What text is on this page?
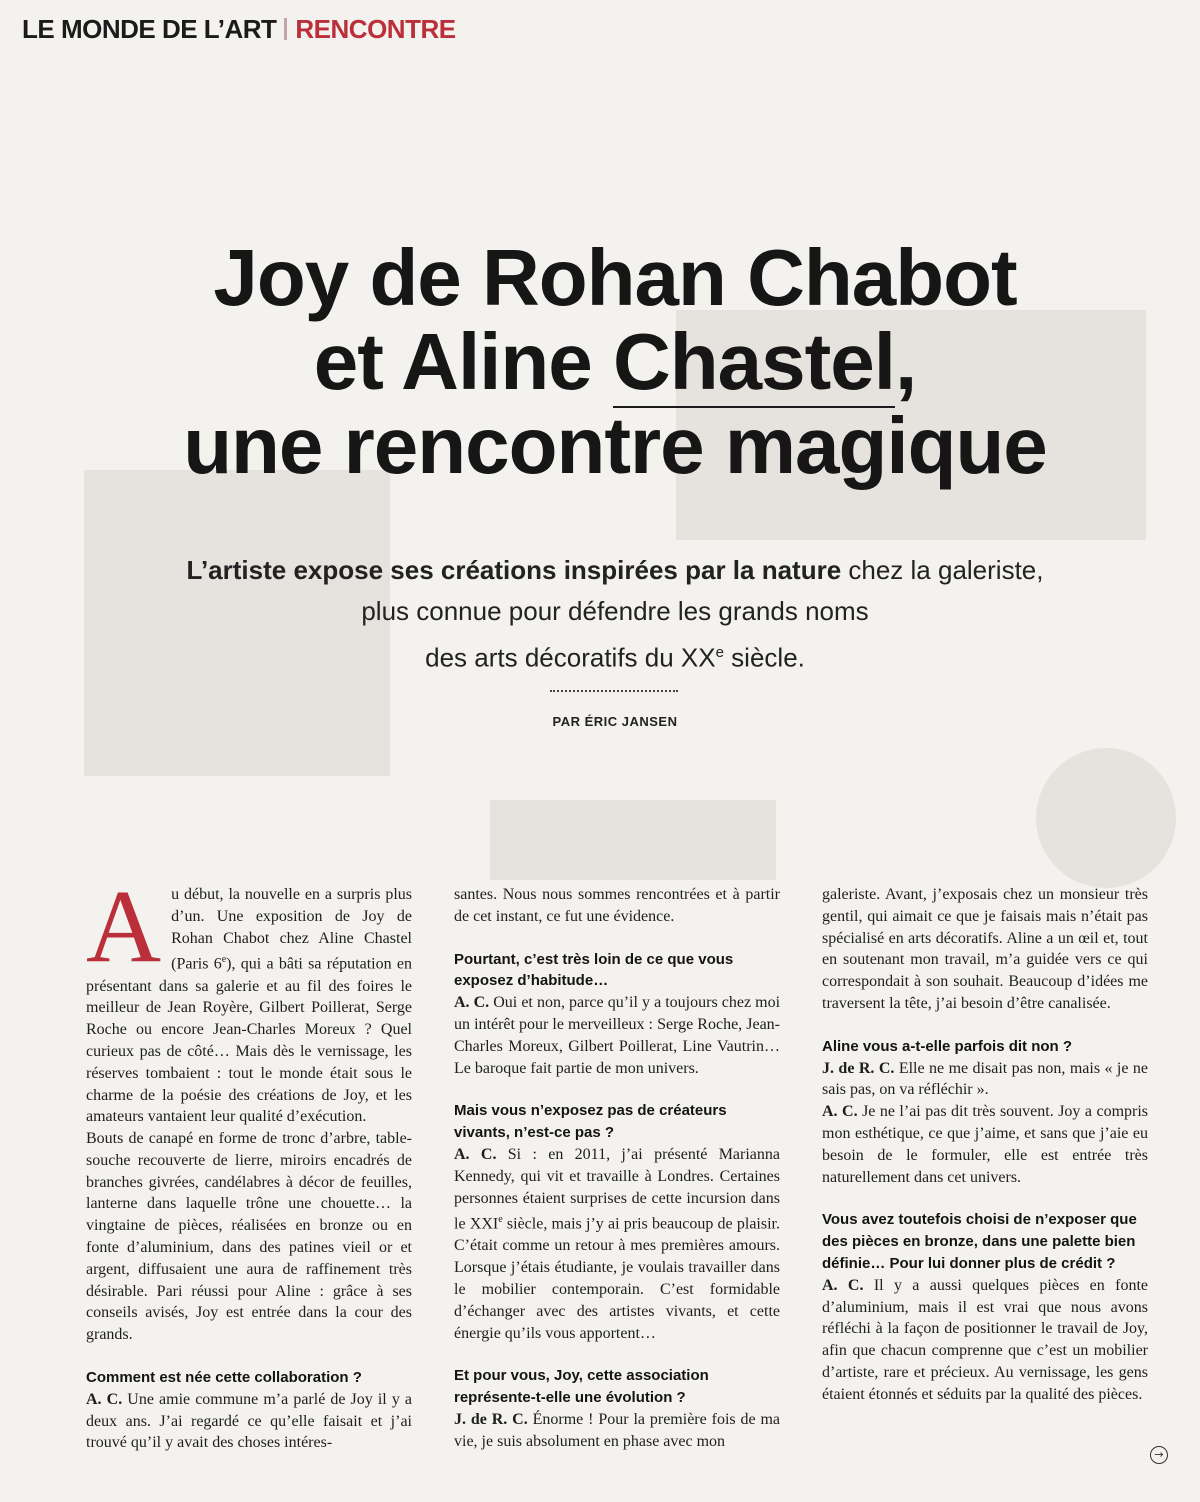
LE MONDE DE L’ART RENCONTRE
Joy de Rohan Chabot
et Aline Chastel,
une rencontre magique
L’artiste expose ses créations inspirées par la nature chez la galeriste,
plus connue pour défendre les grands noms
des arts décoratifs du XXe siècle.
PAR ÉRIC JANSEN

Au début, la nouvelle en a surpris plus d’un. Une exposition de Joy de Rohan Chabot chez Aline Chastel (Paris 6e), qui a bâti sa réputation en présentant dans sa galerie et au fil des foires le meilleur de Jean Royère, Gilbert Poillerat, Serge Roche ou encore Jean-Charles Moreux ? Quel curieux pas de côté… Mais dès le vernissage, les réserves tombaient : tout le monde était sous le charme de la poésie des créations de Joy, et les amateurs vantaient leur qualité d’exécution.

Bouts de canapé en forme de tronc d’arbre, table-souche recouverte de lierre, miroirs encadrés de branches givrées, candélabres à décor de feuilles, lanterne dans laquelle trône une chouette… la vingtaine de pièces, réalisées en bronze ou en fonte d’aluminium, dans des patines vieil or et argent, diffusaient une aura de raffinement très désirable. Pari réussi pour Aline : grâce à ses conseils avisés, Joy est entrée dans la cour des grands.

Comment est née cette collaboration ?

A. C. Une amie commune m’a parlé de Joy il y a deux ans. J’ai regardé ce qu’elle faisait et j’ai trouvé qu’il y avait des choses intéres-

santes. Nous nous sommes rencontrées et à partir de cet instant, ce fut une évidence.

Pourtant, c’est très loin de ce que vous exposez d’habitude…

A. C. Oui et non, parce qu’il y a toujours chez moi un intérêt pour le merveilleux : Serge Roche, Jean-Charles Moreux, Gilbert Poillerat, Line Vautrin… Le baroque fait partie de mon univers.

Mais vous n’exposez pas de créateurs vivants, n’est-ce pas ?

A. C. Si : en 2011, j’ai présenté Marianna Kennedy, qui vit et travaille à Londres. Certaines personnes étaient surprises de cette incursion dans le XXIe siècle, mais j’y ai pris beaucoup de plaisir. C’était comme un retour à mes premières amours. Lorsque j’étais étudiante, je voulais travailler dans le mobilier contemporain. C’est formidable d’échanger avec des artistes vivants, et cette énergie qu’ils vous apportent…

Et pour vous, Joy, cette association représente-t-elle une évolution ?

J. de R. C. Énorme ! Pour la première fois de ma vie, je suis absolument en phase avec mon

galeriste. Avant, j’exposais chez un monsieur très gentil, qui aimait ce que je faisais mais n’était pas spécialisé en arts décoratifs. Aline a un œil et, tout en soutenant mon travail, m’a guidée vers ce qui correspondait à son souhait. Beaucoup d’idées me traversent la tête, j’ai besoin d’être canalisée.

Aline vous a-t-elle parfois dit non ?

J. de R. C. Elle ne me disait pas non, mais « je ne sais pas, on va réfléchir ».

A. C. Je ne l’ai pas dit très souvent. Joy a compris mon esthétique, ce que j’aime, et sans que j’aie eu besoin de le formuler, elle est entrée très naturellement dans cet univers.

Vous avez toutefois choisi de n’exposer que des pièces en bronze, dans une palette bien définie… Pour lui donner plus de crédit ?

A. C. Il y a aussi quelques pièces en fonte d’aluminium, mais il est vrai que nous avons réfléchi à la façon de positionner le travail de Joy, afin que chacun comprenne que c’est un mobilier d’artiste, rare et précieux. Au vernissage, les gens étaient étonnés et séduits par la qualité des pièces.

→
